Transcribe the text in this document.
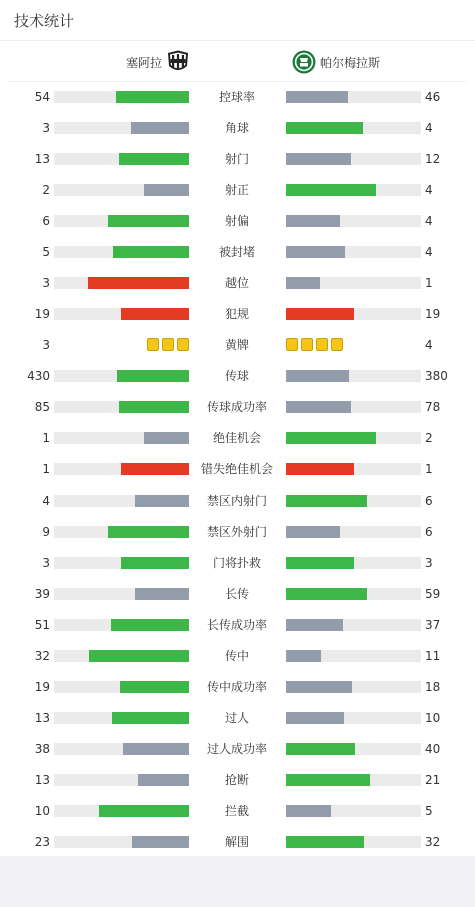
技术统计
塞阿拉	帕尔梅拉斯
54	控球率	46
3	角球	4
13	射门	12
2	射正	4
6	射偏	4
5	被封堵	4
3	越位	1
19	犯规	19
3	黄牌	4
430	传球	380
85	传球成功率	78
1	绝佳机会	2
1	错失绝佳机会	1
4	禁区内射门	6
9	禁区外射门	6
3	门将扑救	3
39	长传	59
51	长传成功率	37
32	传中	11
19	传中成功率	18
13	过人	10
38	过人成功率	40
13	抢断	21
10	拦截	5
23	解围	32
